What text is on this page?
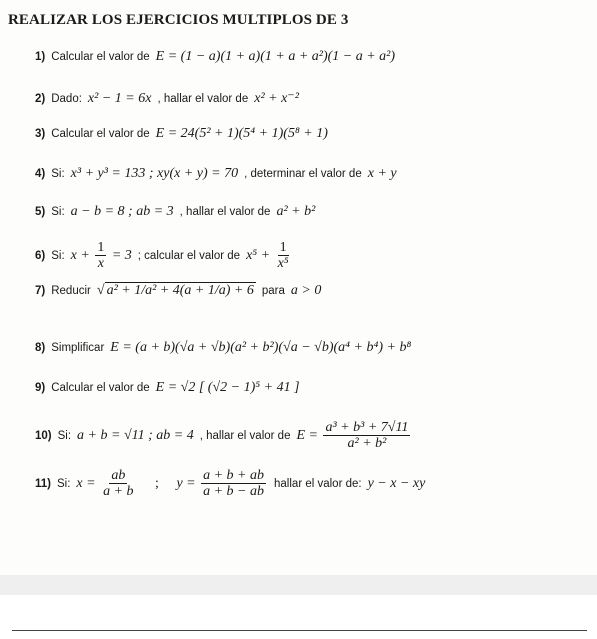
REALIZAR LOS EJERCICIOS MULTIPLOS DE 3
1) Calcular el valor de E = (1 − a)(1 + a)(1 + a + a²)(1 − a + a²)
2) Dado: x² − 1 = 6x , hallar el valor de x² + x⁻²
3) Calcular el valor de E = 24(5² + 1)(5⁴ + 1)(5⁸ + 1)
4) Si: x³ + y³ = 133 ; xy(x + y) = 70 , determinar el valor de x + y
5) Si: a − b = 8 ; ab = 3 , hallar el valor de a² + b²
6) Si: $x + \frac{1}{x} = 3$ ; calcular el valor de $x^5 + \frac{1}{\text{x⁵}}$
7) Reducir √ a² + 1/a² + 4(a + 1/a) + 6 para a > 0
8) Simplificar E = (a + b)(√a + √b)(a² + b²)(√a − √b)(a⁴ + b⁴) + b⁸
9) Calcular el valor de E = √2 [ (√2 − 1)⁵ + 41 ]
10) Si: a + b = √11 ; ab = 4 , hallar el valor de $E = \frac{\text{a³ + b³ + 7√11}}{\text{a² + b²}}$
11) Si: $x = \frac{ab}{a + b}$ ; $y = \frac{a + b + ab}{a + b - ab}$ hallar el valor de: y − x − xy
